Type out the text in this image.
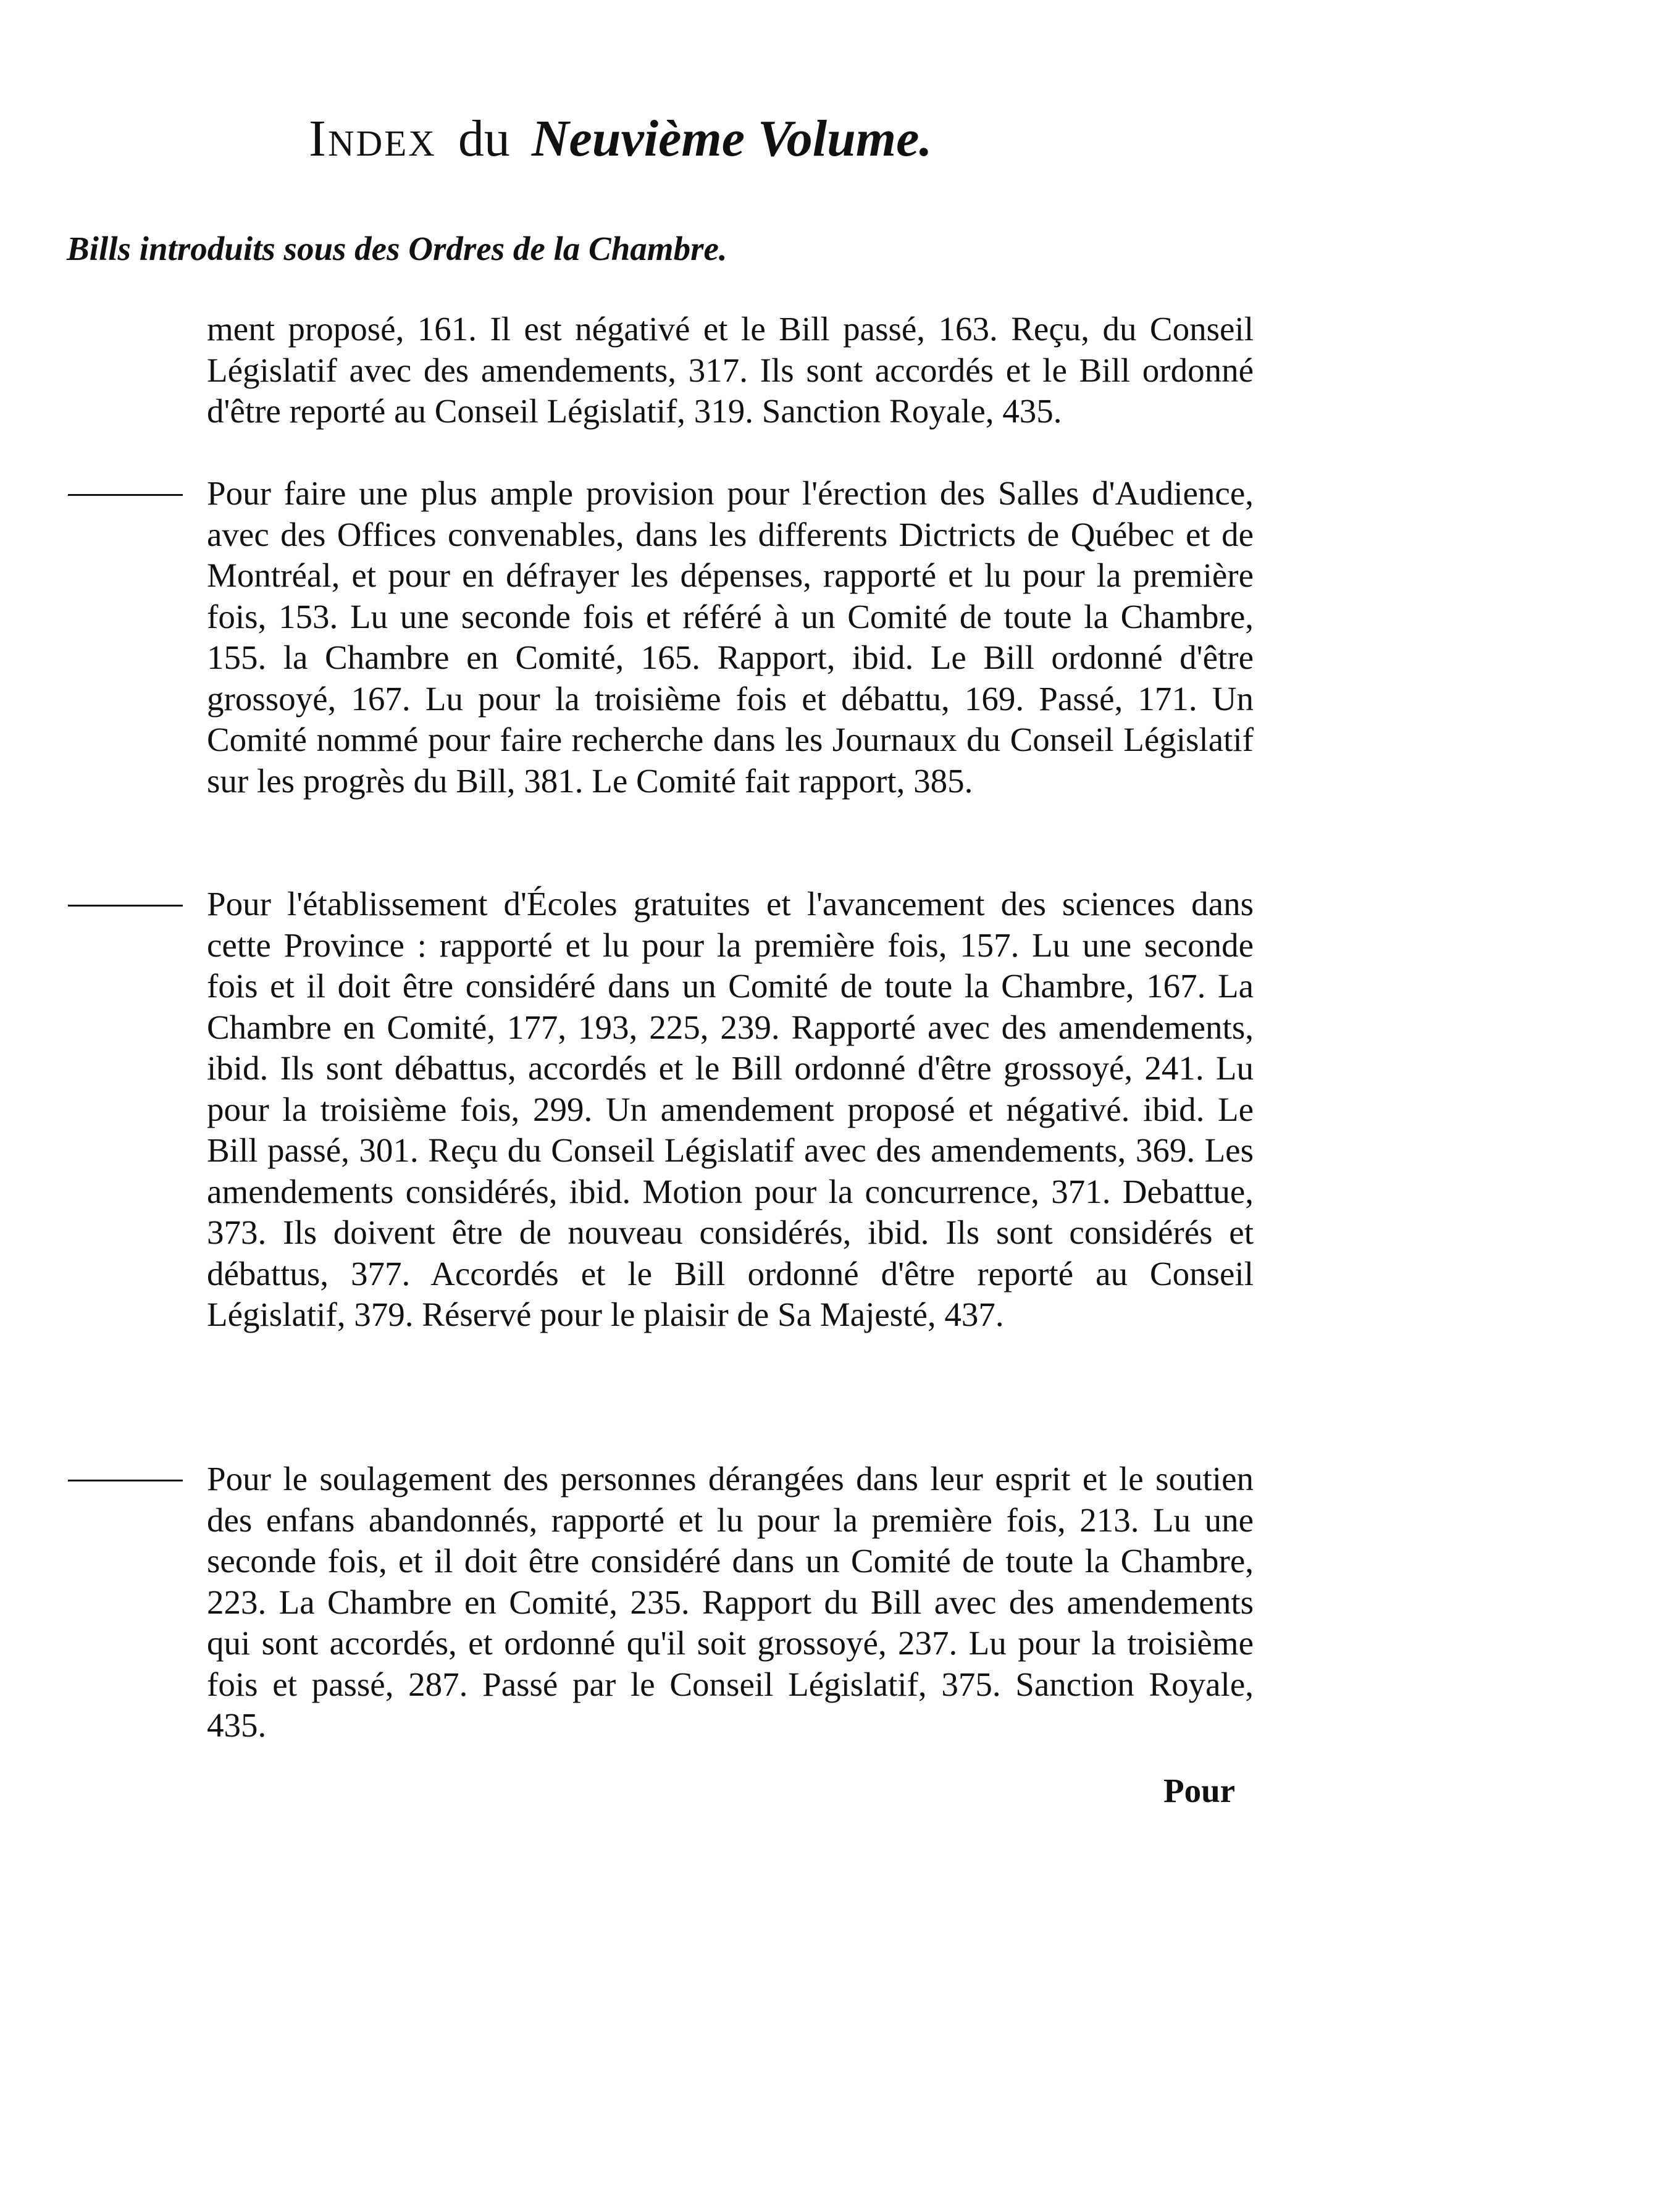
Index du Neuvième Volume.
Bills introduits sous des Ordres de la Chambre.

ment proposé, 161. Il est négativé et le Bill passé, 163. Reçu, du Conseil Législatif avec des amendements, 317. Ils sont accordés et le Bill ordonné d'être reporté au Conseil Législatif, 319. Sanction Royale, 435.

Pour faire une plus ample provision pour l'érection des Salles d'Audience, avec des Offices convenables, dans les differents Dictricts de Québec et de Montréal, et pour en défrayer les dépenses, rapporté et lu pour la première fois, 153. Lu une seconde fois et référé à un Comité de toute la Chambre, 155. la Chambre en Comité, 165. Rapport, ibid. Le Bill ordonné d'être grossoyé, 167. Lu pour la troisième fois et débattu, 169. Passé, 171. Un Comité nommé pour faire recherche dans les Journaux du Conseil Législatif sur les progrès du Bill, 381. Le Comité fait rapport, 385.

Pour l'établissement d'Écoles gratuites et l'avancement des sciences dans cette Province : rapporté et lu pour la première fois, 157. Lu une seconde fois et il doit être considéré dans un Comité de toute la Chambre, 167. La Chambre en Comité, 177, 193, 225, 239. Rapporté avec des amendements, ibid. Ils sont débattus, accordés et le Bill ordonné d'être grossoyé, 241. Lu pour la troisième fois, 299. Un amendement proposé et négativé. ibid. Le Bill passé, 301. Reçu du Conseil Législatif avec des amendements, 369. Les amendements considérés, ibid. Motion pour la concurrence, 371. Debattue, 373. Ils doivent être de nouveau considérés, ibid. Ils sont considérés et débattus, 377. Accordés et le Bill ordonné d'être reporté au Conseil Législatif, 379. Réservé pour le plaisir de Sa Majesté, 437.

Pour le soulagement des personnes dérangées dans leur esprit et le soutien des enfans abandonnés, rapporté et lu pour la première fois, 213. Lu une seconde fois, et il doit être considéré dans un Comité de toute la Chambre, 223. La Chambre en Comité, 235. Rapport du Bill avec des amendements qui sont accordés, et ordonné qu'il soit grossoyé, 237. Lu pour la troisième fois et passé, 287. Passé par le Conseil Législatif, 375. Sanction Royale, 435.

Pour
